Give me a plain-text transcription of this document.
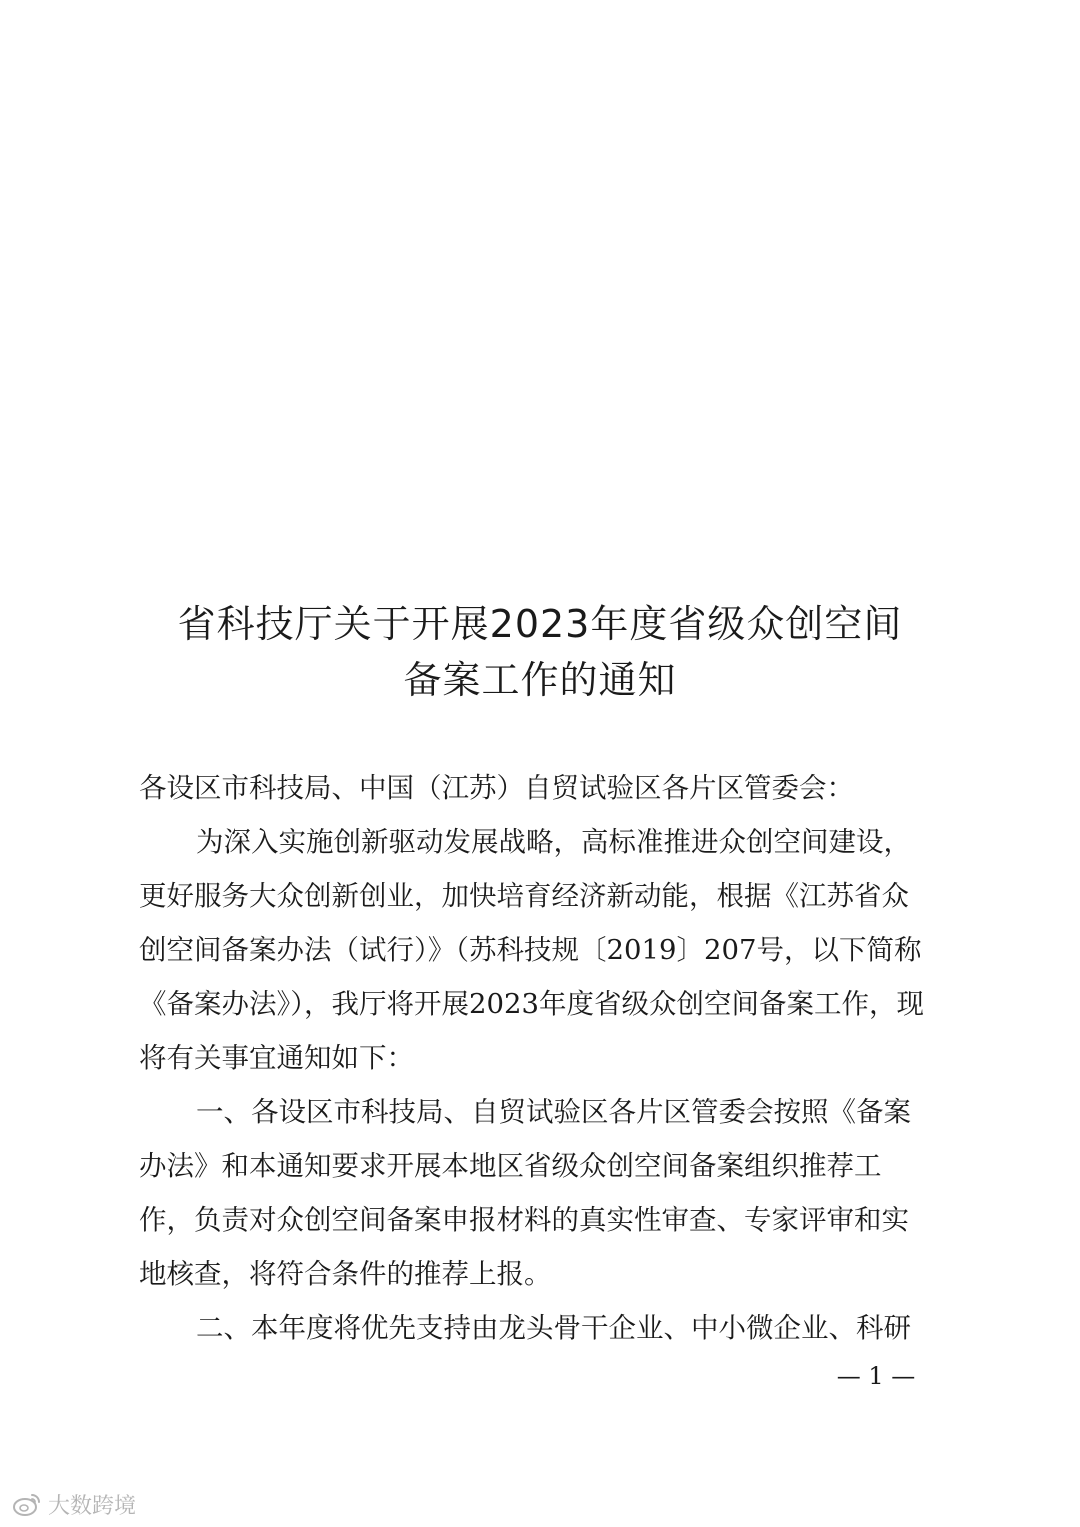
省科技厅关于开展2023年度省级众创空间
备案工作的通知
各设区市科技局、中国（江苏）自贸试验区各片区管委会：
为深入实施创新驱动发展战略，高标准推进众创空间建设，
更好服务大众创新创业，加快培育经济新动能，根据《江苏省众
创空间备案办法（试行）》（苏科技规〔2019〕207号，以下简称
《备案办法》），我厅将开展2023年度省级众创空间备案工作，现
将有关事宜通知如下：
一、各设区市科技局、自贸试验区各片区管委会按照《备案
办法》和本通知要求开展本地区省级众创空间备案组织推荐工
作，负责对众创空间备案申报材料的真实性审查、专家评审和实
地核查，将符合条件的推荐上报。
二、本年度将优先支持由龙头骨干企业、中小微企业、科研
— 1 —
大数跨境
